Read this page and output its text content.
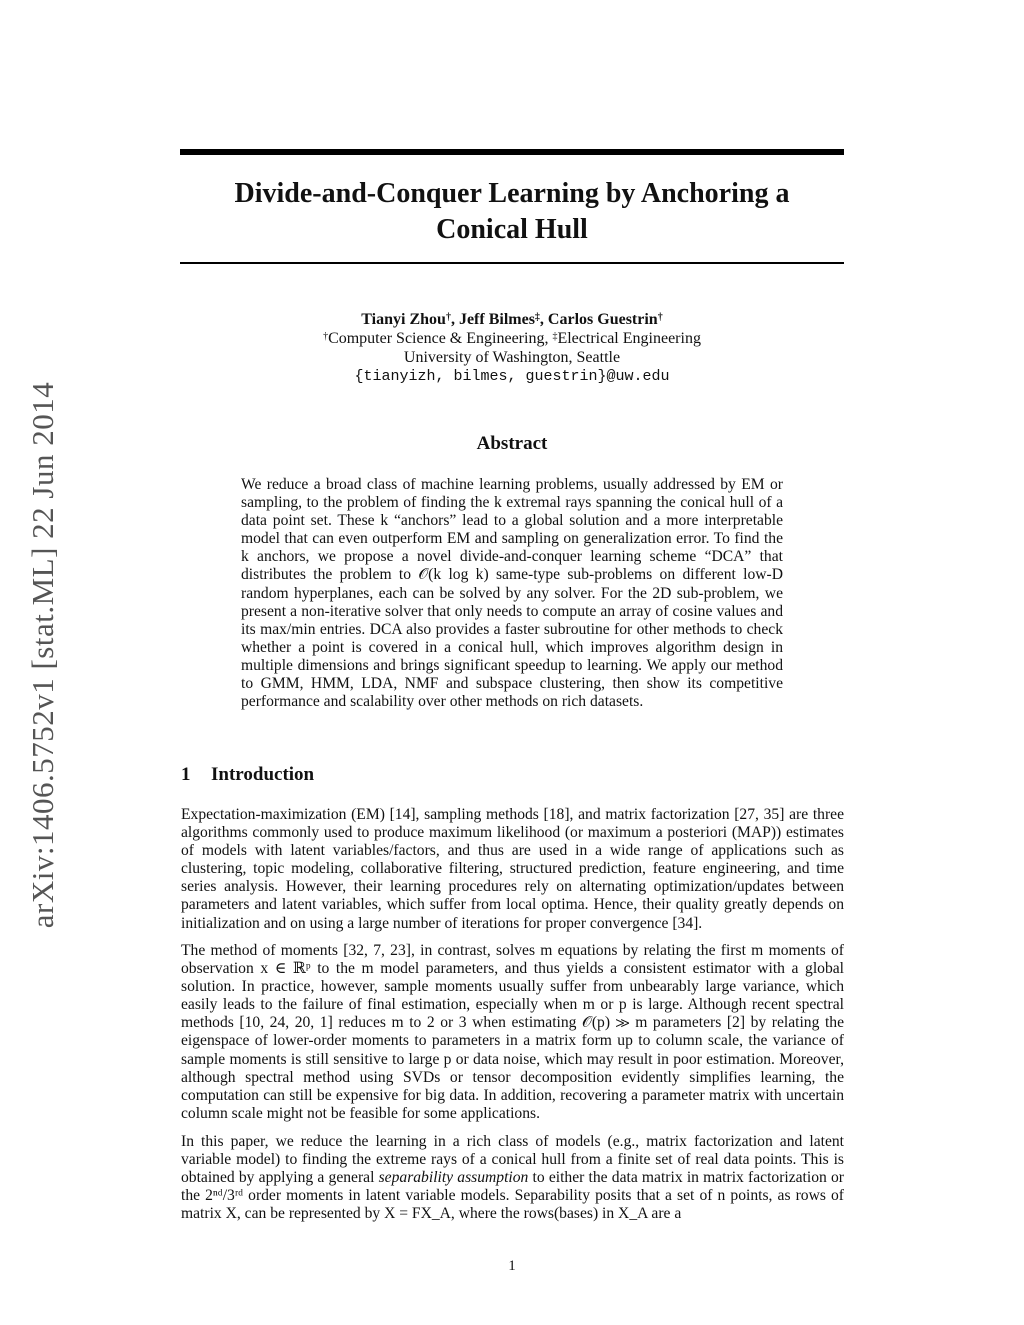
arXiv:1406.5752v1 [stat.ML] 22 Jun 2014
Divide-and-Conquer Learning by Anchoring a
Conical Hull
Tianyi Zhou†, Jeff Bilmes‡, Carlos Guestrin†
†Computer Science & Engineering, ‡Electrical Engineering
University of Washington, Seattle
{tianyizh, bilmes, guestrin}@uw.edu
Abstract
We reduce a broad class of machine learning problems, usually addressed by EM or sampling, to the problem of finding the k extremal rays spanning the conical hull of a data point set. These k “anchors” lead to a global solution and a more interpretable model that can even outperform EM and sampling on generalization error. To find the k anchors, we propose a novel divide-and-conquer learning scheme “DCA” that distributes the problem to 𝒪(k log k) same-type sub-problems on different low-D random hyperplanes, each can be solved by any solver. For the 2D sub-problem, we present a non-iterative solver that only needs to compute an array of cosine values and its max/min entries. DCA also provides a faster subroutine for other methods to check whether a point is covered in a conical hull, which improves algorithm design in multiple dimensions and brings significant speedup to learning. We apply our method to GMM, HMM, LDA, NMF and subspace clustering, then show its competitive performance and scalability over other methods on rich datasets.
1 Introduction
Expectation-maximization (EM) [14], sampling methods [18], and matrix factorization [27, 35] are three algorithms commonly used to produce maximum likelihood (or maximum a posteriori (MAP)) estimates of models with latent variables/factors, and thus are used in a wide range of applications such as clustering, topic modeling, collaborative filtering, structured prediction, feature engineering, and time series analysis. However, their learning procedures rely on alternating optimization/updates between parameters and latent variables, which suffer from local optima. Hence, their quality greatly depends on initialization and on using a large number of iterations for proper convergence [34].
The method of moments [32, 7, 23], in contrast, solves m equations by relating the first m moments of observation x ∈ ℝᵖ to the m model parameters, and thus yields a consistent estimator with a global solution. In practice, however, sample moments usually suffer from unbearably large variance, which easily leads to the failure of final estimation, especially when m or p is large. Although recent spectral methods [10, 24, 20, 1] reduces m to 2 or 3 when estimating 𝒪(p) ≫ m parameters [2] by relating the eigenspace of lower-order moments to parameters in a matrix form up to column scale, the variance of sample moments is still sensitive to large p or data noise, which may result in poor estimation. Moreover, although spectral method using SVDs or tensor decomposition evidently simplifies learning, the computation can still be expensive for big data. In addition, recovering a parameter matrix with uncertain column scale might not be feasible for some applications.
In this paper, we reduce the learning in a rich class of models (e.g., matrix factorization and latent variable model) to finding the extreme rays of a conical hull from a finite set of real data points. This is obtained by applying a general separability assumption to either the data matrix in matrix factorization or the 2ⁿᵈ/3ʳᵈ order moments in latent variable models. Separability posits that a set of n points, as rows of matrix X, can be represented by X = FX_A, where the rows(bases) in X_A are a
1
